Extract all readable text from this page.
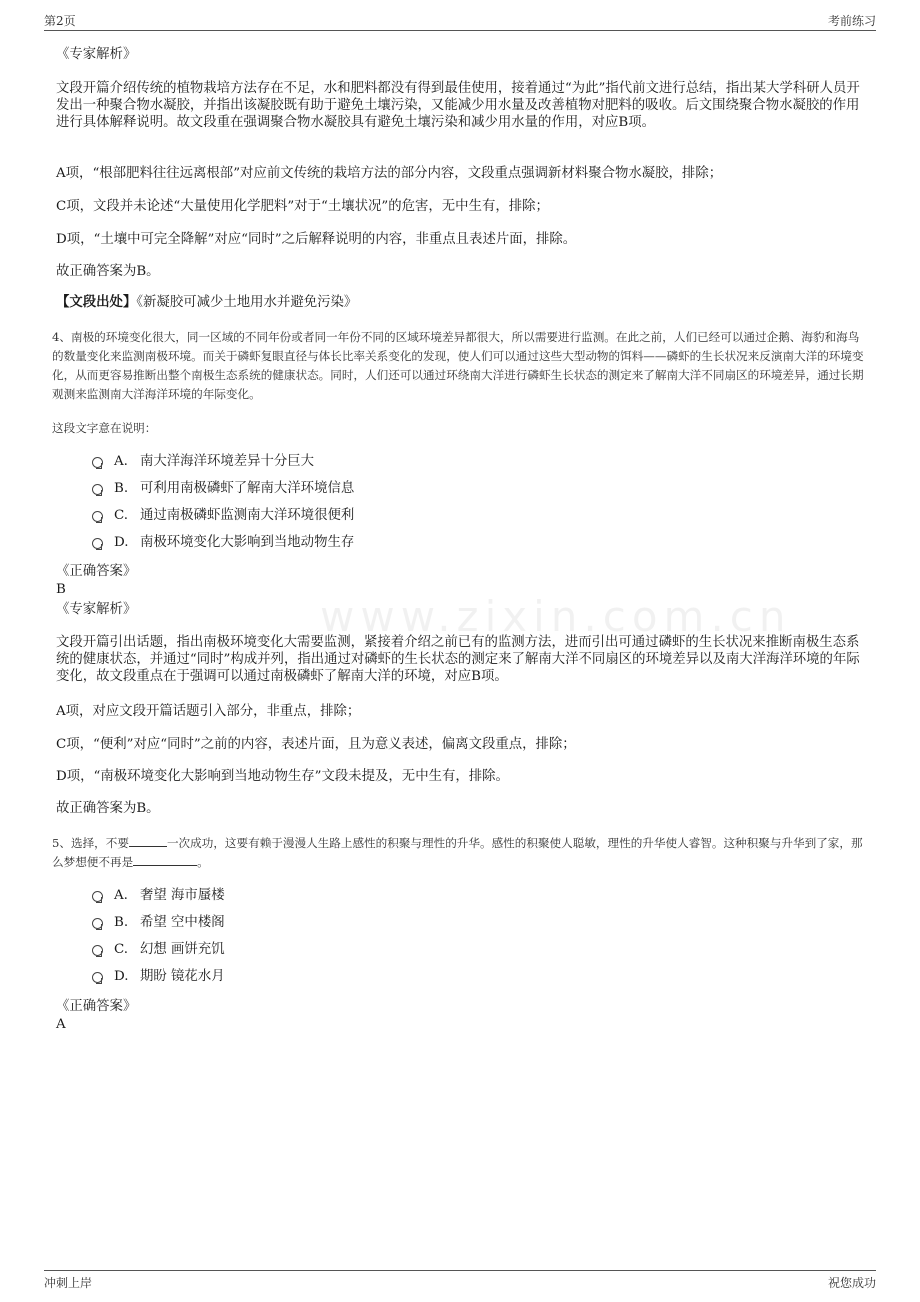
第2页	考前练习
www.zixin.com.cn
《专家解析》
文段开篇介绍传统的植物栽培方法存在不足，水和肥料都没有得到最佳使用，接着通过“为此”指代前文进行总结，指出某大学科研人员开发出一种聚合物水凝胶，并指出该凝胶既有助于避免土壤污染，又能减少用水量及改善植物对肥料的吸收。后文围绕聚合物水凝胶的作用进行具体解释说明。故文段重在强调聚合物水凝胶具有避免土壤污染和减少用水量的作用，对应B项。
A项，“根部肥料往往远离根部”对应前文传统的栽培方法的部分内容，文段重点强调新材料聚合物水凝胶，排除；
C项，文段并未论述“大量使用化学肥料”对于“土壤状况”的危害，无中生有，排除；
D项，“土壤中可完全降解”对应“同时”之后解释说明的内容，非重点且表述片面，排除。
故正确答案为B。
【文段出处】《新凝胶可减少土地用水并避免污染》
4、南极的环境变化很大，同一区域的不同年份或者同一年份不同的区域环境差异都很大，所以需要进行监测。在此之前，人们已经可以通过企鹅、海豹和海鸟的数量变化来监测南极环境。而关于磷虾复眼直径与体长比率关系变化的发现，使人们可以通过这些大型动物的饵料——磷虾的生长状况来反演南大洋的环境变化，从而更容易推断出整个南极生态系统的健康状态。同时，人们还可以通过环绕南大洋进行磷虾生长状态的测定来了解南大洋不同扇区的环境差异，通过长期观测来监测南大洋海洋环境的年际变化。
这段文字意在说明：
A. 南大洋海洋环境差异十分巨大
B. 可利用南极磷虾了解南大洋环境信息
C. 通过南极磷虾监测南大洋环境很便利
D. 南极环境变化大影响到当地动物生存
《正确答案》
B
《专家解析》
文段开篇引出话题，指出南极环境变化大需要监测，紧接着介绍之前已有的监测方法，进而引出可通过磷虾的生长状况来推断南极生态系统的健康状态，并通过“同时”构成并列，指出通过对磷虾的生长状态的测定来了解南大洋不同扇区的环境差异以及南大洋海洋环境的年际变化，故文段重点在于强调可以通过南极磷虾了解南大洋的环境，对应B项。
A项，对应文段开篇话题引入部分，非重点，排除；
C项，“便利”对应“同时”之前的内容，表述片面，且为意义表述，偏离文段重点，排除；
D项，“南极环境变化大影响到当地动物生存”文段未提及，无中生有，排除。
故正确答案为B。
5、选择，不要	一次成功，这要有赖于漫漫人生路上感性的积聚与理性的升华。感性的积聚使人聪敏，理性的升华使人睿智。这种积聚与升华到了家，那么梦想便不再是	。
A. 奢望 海市蜃楼
B. 希望 空中楼阁
C. 幻想 画饼充饥
D. 期盼 镜花水月
《正确答案》
A
冲刺上岸	祝您成功
